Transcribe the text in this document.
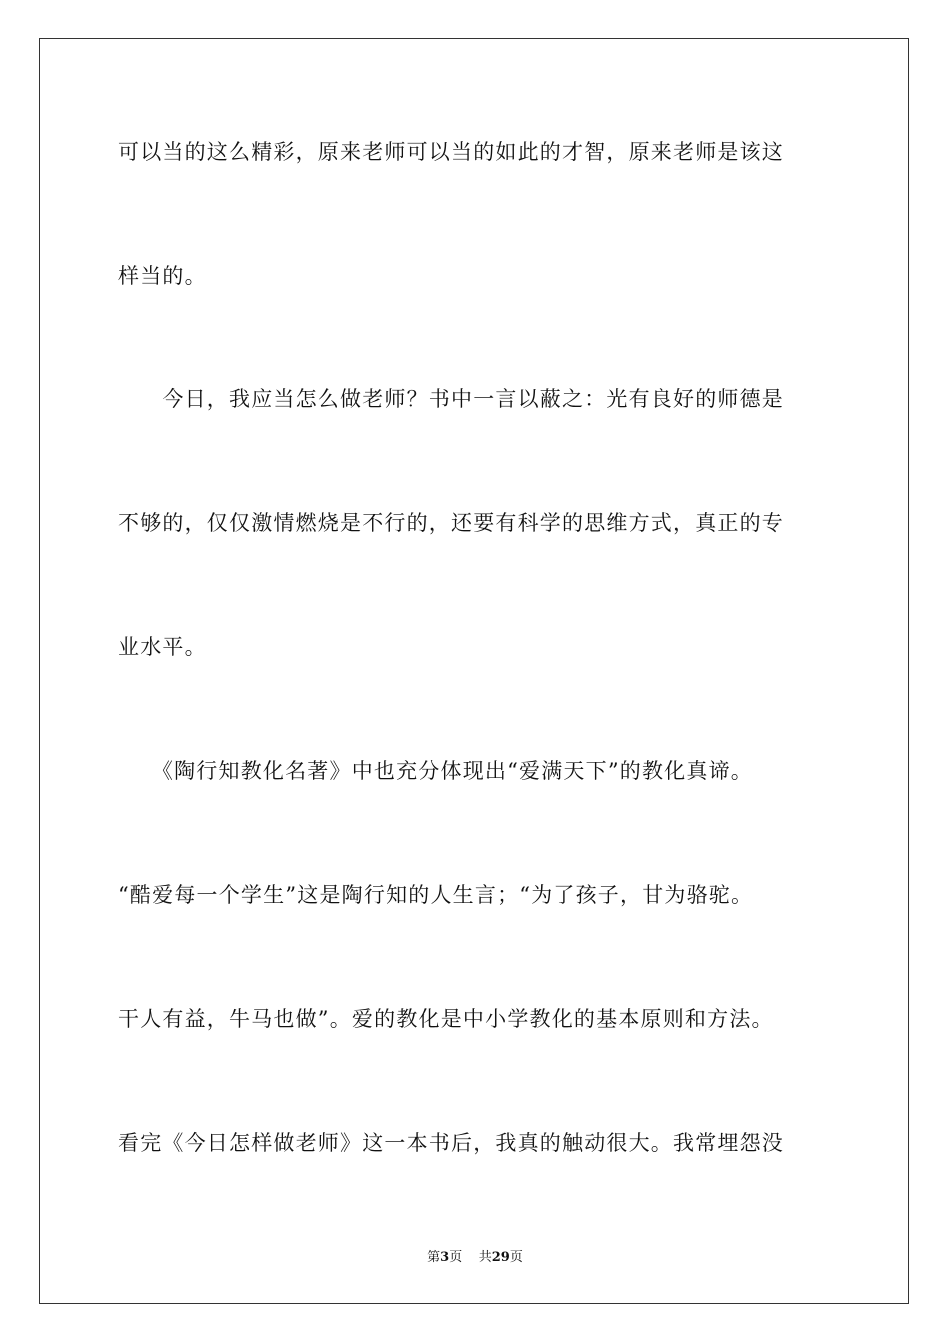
可以当的这么精彩，原来老师可以当的如此的才智，原来老师是该这

样当的。

　　今日，我应当怎么做老师？书中一言以蔽之：光有良好的师德是

不够的，仅仅激情燃烧是不行的，还要有科学的思维方式，真正的专

业水平。

　　《陶行知教化名著》中也充分体现出“爱满天下”的教化真谛。

“酷爱每一个学生”这是陶行知的人生言；“为了孩子，甘为骆驼。

干人有益，牛马也做”。爱的教化是中小学教化的基本原则和方法。

看完《今日怎样做老师》这一本书后，我真的触动很大。我常埋怨没

第3页 共29页
